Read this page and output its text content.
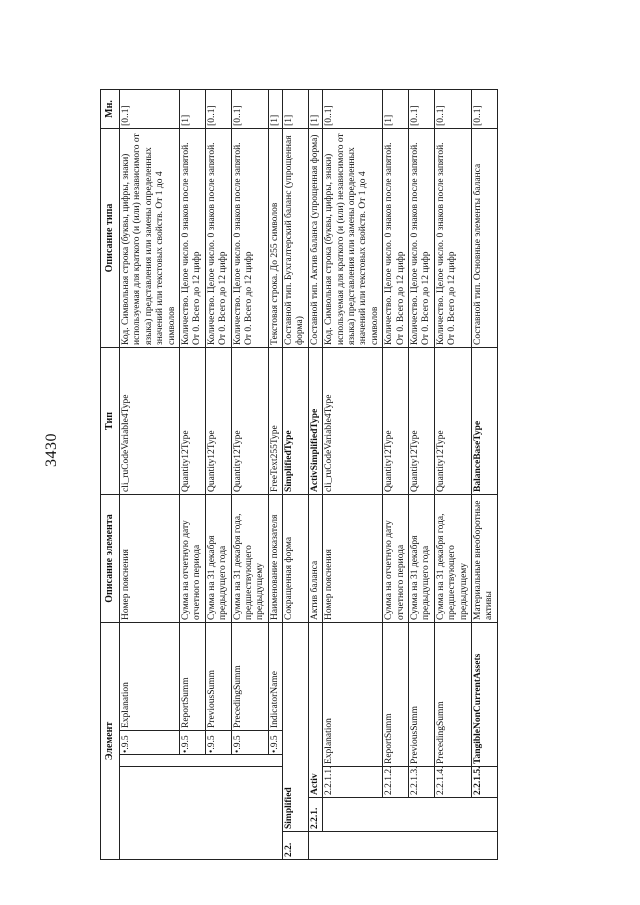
3430
Элемент						Описание элемента	Тип	Описание типа	Мн.
				•.9.5	Explanation	Номер пояснения	cli_ruCodeVariable4Type	Код. Символьная строка (буквы, цифры, знаки) используемая для краткого (и (или) независимого от языка) представления или замены определенных значений или текстовых свойств. От 1 до 4 символов	[0..1]
				•.9.5	ReportSumm	Сумма на отчетную дату отчетного периода	Quantity12Type	Количество. Целое число. 0 знаков после запятой. От 0. Всего до 12 цифр	[1]
				•.9.5	PreviousSumm	Сумма на 31 декабря предыдущего года	Quantity12Type	Количество. Целое число. 0 знаков после запятой. От 0. Всего до 12 цифр	[0..1]
				•.9.5	PrecedingSumm	Сумма на 31 декабря года, предшествующего предыдущему	Quantity12Type	Количество. Целое число. 0 знаков после запятой. От 0. Всего до 12 цифр	[0..1]
				•.9.5	IndicatorName	Наименование показателя	FreeText255Type	Текстовая строка. До 255 символов	[1]
2.2.	Simplified					Сокращенная форма	SimplifiedType	Составной тип. Бухгалтерский баланс (упрощенная форма)	[1]
	2.2.1.	Activ				Актив баланса	ActivSimplifiedType	Составной тип. Актив баланса (упрощенная форма)	[1]
		2.2.1.1.	Explanation			Номер пояснения	cli_ruCodeVariable4Type	Код. Символьная строка (буквы, цифры, знаки) используемая для краткого (и (или) независимого от языка) представления или замены определенных значений или текстовых свойств. От 1 до 4 символов	[0..1]
		2.2.1.2.	ReportSumm			Сумма на отчетную дату отчетного периода	Quantity12Type	Количество. Целое число. 0 знаков после запятой. От 0. Всего до 12 цифр	[1]
		2.2.1.3.	PreviousSumm			Сумма на 31 декабря предыдущего года	Quantity12Type	Количество. Целое число. 0 знаков после запятой. От 0. Всего до 12 цифр	[0..1]
		2.2.1.4.	PrecedingSumm			Сумма на 31 декабря года, предшествующего предыдущему	Quantity12Type	Количество. Целое число. 0 знаков после запятой. От 0. Всего до 12 цифр	[0..1]
		2.2.1.5.	TangibleNonCurrentAssets			Материальные внеоборотные активы	BalanceBaseType	Составной тип. Основные элементы баланса	[0..1]
